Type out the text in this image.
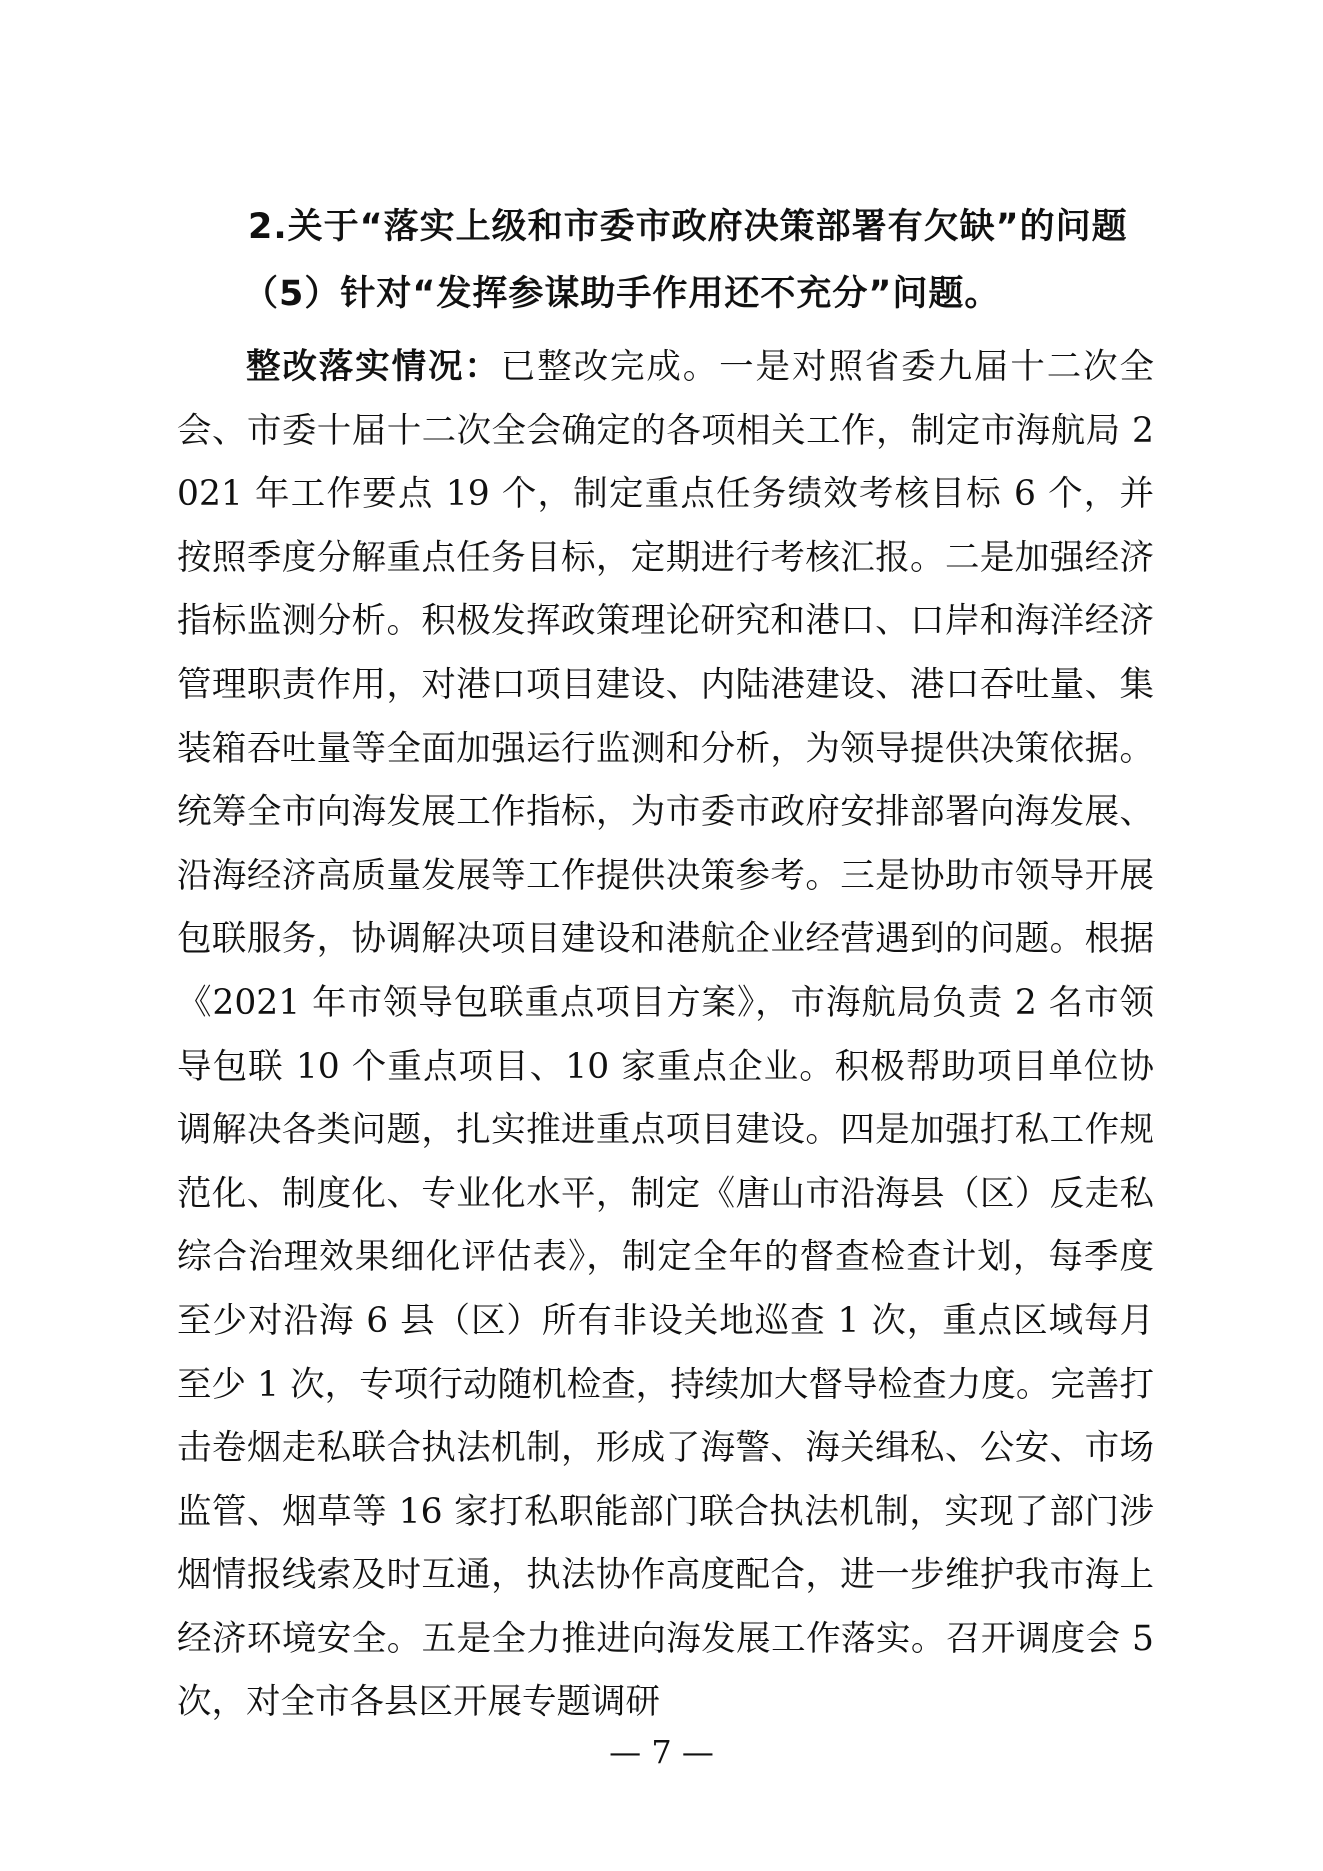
2.关于“落实上级和市委市政府决策部署有欠缺”的问题
（5）针对“发挥参谋助手作用还不充分”问题。

整改落实情况：已整改完成。一是对照省委九届十二次全会、市委十届十二次全会确定的各项相关工作，制定市海航局 2021 年工作要点 19 个，制定重点任务绩效考核目标 6 个，并按照季度分解重点任务目标，定期进行考核汇报。二是加强经济指标监测分析。积极发挥政策理论研究和港口、口岸和海洋经济管理职责作用，对港口项目建设、内陆港建设、港口吞吐量、集装箱吞吐量等全面加强运行监测和分析，为领导提供决策依据。统筹全市向海发展工作指标，为市委市政府安排部署向海发展、沿海经济高质量发展等工作提供决策参考。三是协助市领导开展包联服务，协调解决项目建设和港航企业经营遇到的问题。根据《2021 年市领导包联重点项目方案》，市海航局负责 2 名市领导包联 10 个重点项目、10 家重点企业。积极帮助项目单位协调解决各类问题，扎实推进重点项目建设。四是加强打私工作规范化、制度化、专业化水平，制定《唐山市沿海县（区）反走私综合治理效果细化评估表》，制定全年的督查检查计划，每季度至少对沿海 6 县（区）所有非设关地巡查 1 次，重点区域每月至少 1 次，专项行动随机检查，持续加大督导检查力度。完善打击卷烟走私联合执法机制，形成了海警、海关缉私、公安、市场监管、烟草等 16 家打私职能部门联合执法机制，实现了部门涉烟情报线索及时互通，执法协作高度配合，进一步维护我市海上经济环境安全。五是全力推进向海发展工作落实。召开调度会 5 次，对全市各县区开展专题调研

— 7 —
